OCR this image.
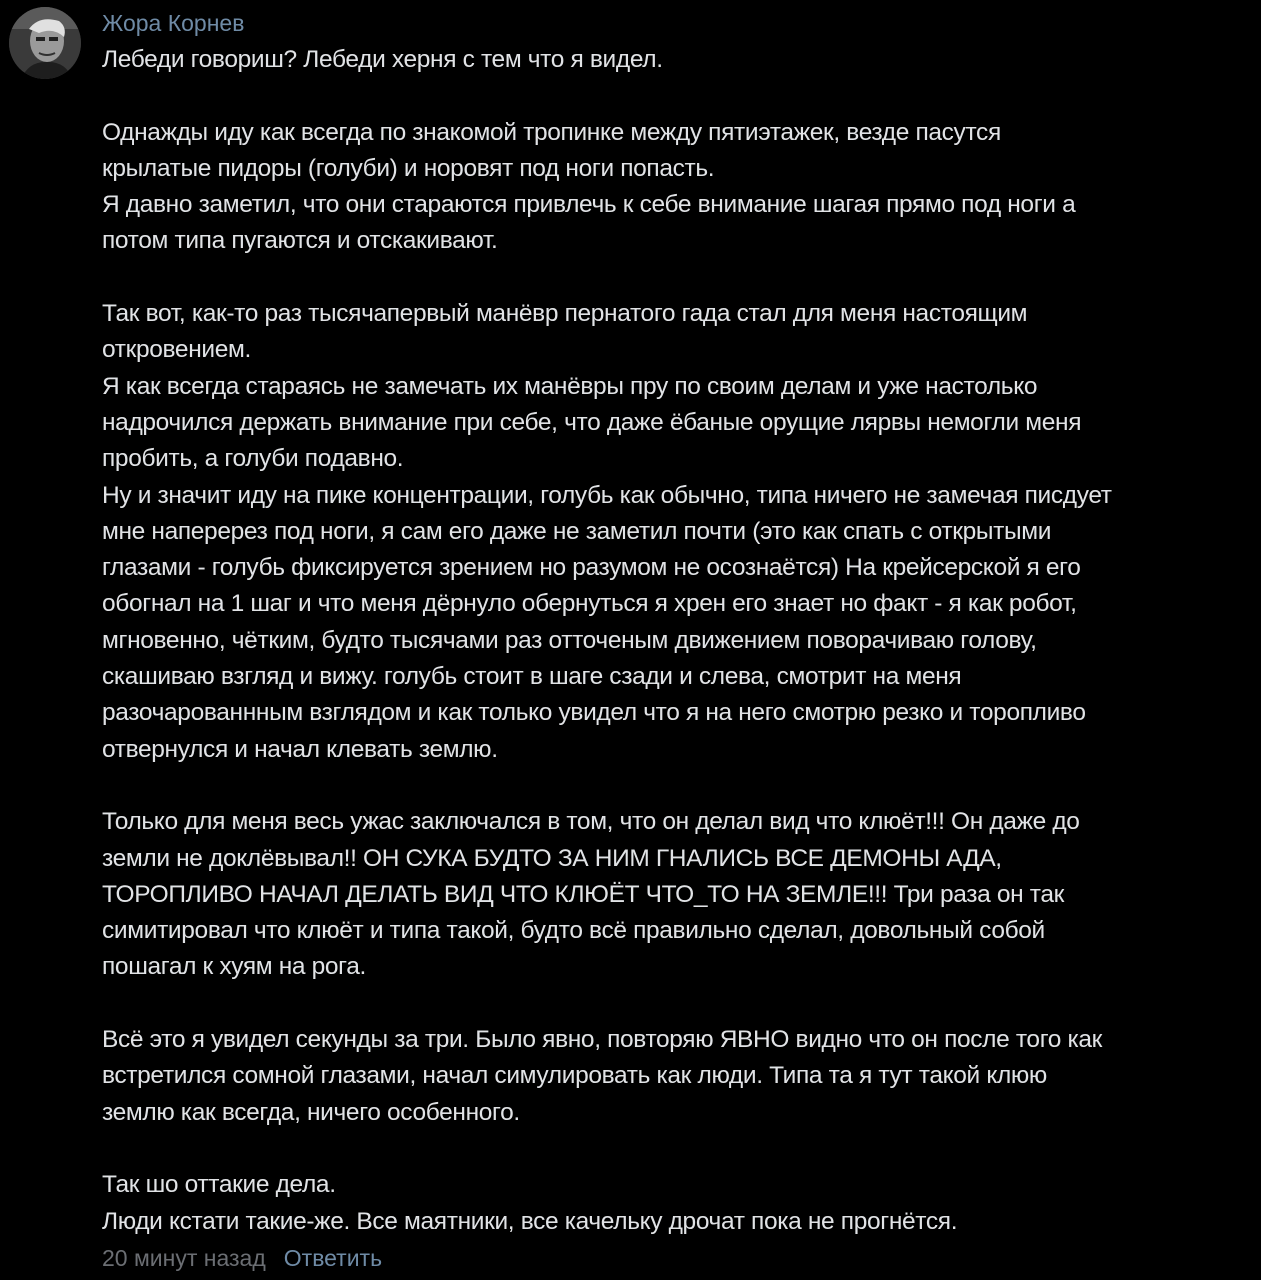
Жора Корнев
Лебеди говориш? Лебеди херня с тем что я видел.
Однажды иду как всегда по знакомой тропинке между пятиэтажек, везде пасутся
крылатые пидоры (голуби) и норовят под ноги попасть.
Я давно заметил, что они стараются привлечь к себе внимание шагая прямо под ноги а
потом типа пугаются и отскакивают.
Так вот, как-то раз тысячапервый манёвр пернатого гада стал для меня настоящим
откровением.
Я как всегда стараясь не замечать их манёвры пру по своим делам и уже настолько
надрочился держать внимание при себе, что даже ёбаные орущие лярвы немогли меня
пробить, а голуби подавно.
Ну и значит иду на пике концентрации, голубь как обычно, типа ничего не замечая писдует
мне наперерез под ноги, я сам его даже не заметил почти (это как спать с открытыми
глазами - голубь фиксируется зрением но разумом не осознаётся) На крейсерской я его
обогнал на 1 шаг и что меня дёрнуло обернуться я хрен его знает но факт - я как робот,
мгновенно, чётким, будто тысячами раз отточеным движением поворачиваю голову,
скашиваю взгляд и вижу. голубь стоит в шаге сзади и слева, смотрит на меня
разочарованнным взглядом и как только увидел что я на него смотрю резко и торопливо
отвернулся и начал клевать землю.
Только для меня весь ужас заключался в том, что он делал вид что клюёт!!! Он даже до
земли не доклёвывал!! ОН СУКА БУДТО ЗА НИМ ГНАЛИСЬ ВСЕ ДЕМОНЫ АДА,
ТОРОПЛИВО НАЧАЛ ДЕЛАТЬ ВИД ЧТО КЛЮЁТ ЧТО_ТО НА ЗЕМЛЕ!!! Три раза он так
симитировал что клюёт и типа такой, будто всё правильно сделал, довольный собой
пошагал к хуям на рога.
Всё это я увидел секунды за три. Было явно, повторяю ЯВНО видно что он после того как
встретился сомной глазами, начал симулировать как люди. Типа та я тут такой клюю
землю как всегда, ничего особенного.
Так шо оттакие дела.
Люди кстати такие-же. Все маятники, все качельку дрочат пока не прогнётся.
20 минут назад Ответить
